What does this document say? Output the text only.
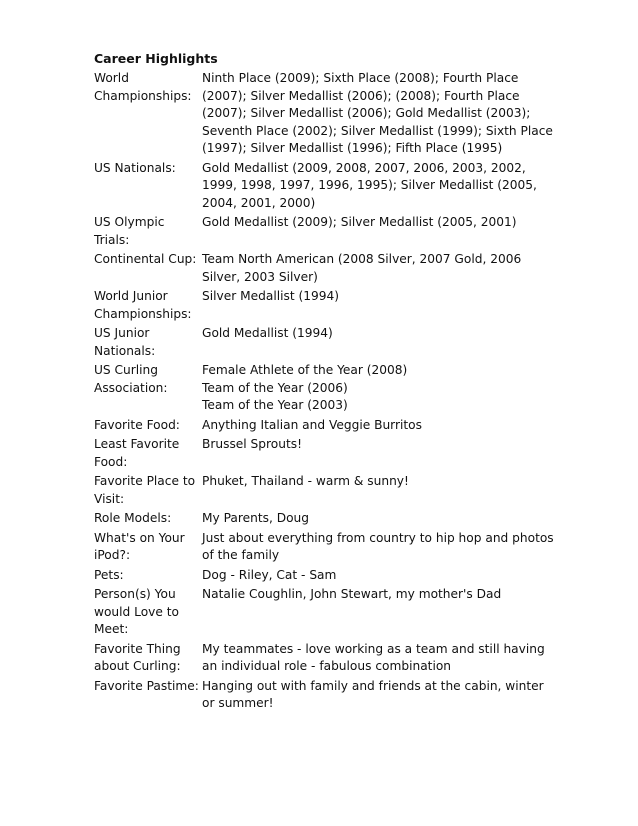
Career Highlights
World Championships:
Ninth Place (2009); Sixth Place (2008); Fourth Place (2007); Silver Medallist (2006); (2008); Fourth Place (2007); Silver Medallist (2006); Gold Medallist (2003); Seventh Place (2002); Silver Medallist (1999); Sixth Place (1997); Silver Medallist (1996); Fifth Place (1995)
US Nationals:	Gold Medallist (2009, 2008, 2007, 2006, 2003, 2002, 1999, 1998, 1997, 1996, 1995); Silver Medallist (2005, 2004, 2001, 2000)
US Olympic Trials:
Gold Medallist (2009); Silver Medallist (2005, 2001)
Continental Cup: Team North American (2008 Silver, 2007 Gold, 2006 Silver, 2003 Silver)
World Junior Championships:
Silver Medallist (1994)
US Junior Nationals:
Gold Medallist (1994)
US Curling Association:
Female Athlete of the Year (2008)
Team of the Year (2006)
Team of the Year (2003)
Favorite Food:	Anything Italian and Veggie Burritos
Least Favorite Food:
Brussel Sprouts!
Favorite Place to Visit:
Phuket, Thailand - warm & sunny!
Role Models:	My Parents, Doug
What's on Your iPod?:
Just about everything from country to hip hop and photos of the family
Pets:	Dog - Riley, Cat - Sam
Person(s) You would Love to Meet:
Natalie Coughlin, John Stewart, my mother's Dad
Favorite Thing about Curling:
My teammates - love working as a team and still having an individual role - fabulous combination
Favorite Pastime: Hanging out with family and friends at the cabin, winter or summer!
